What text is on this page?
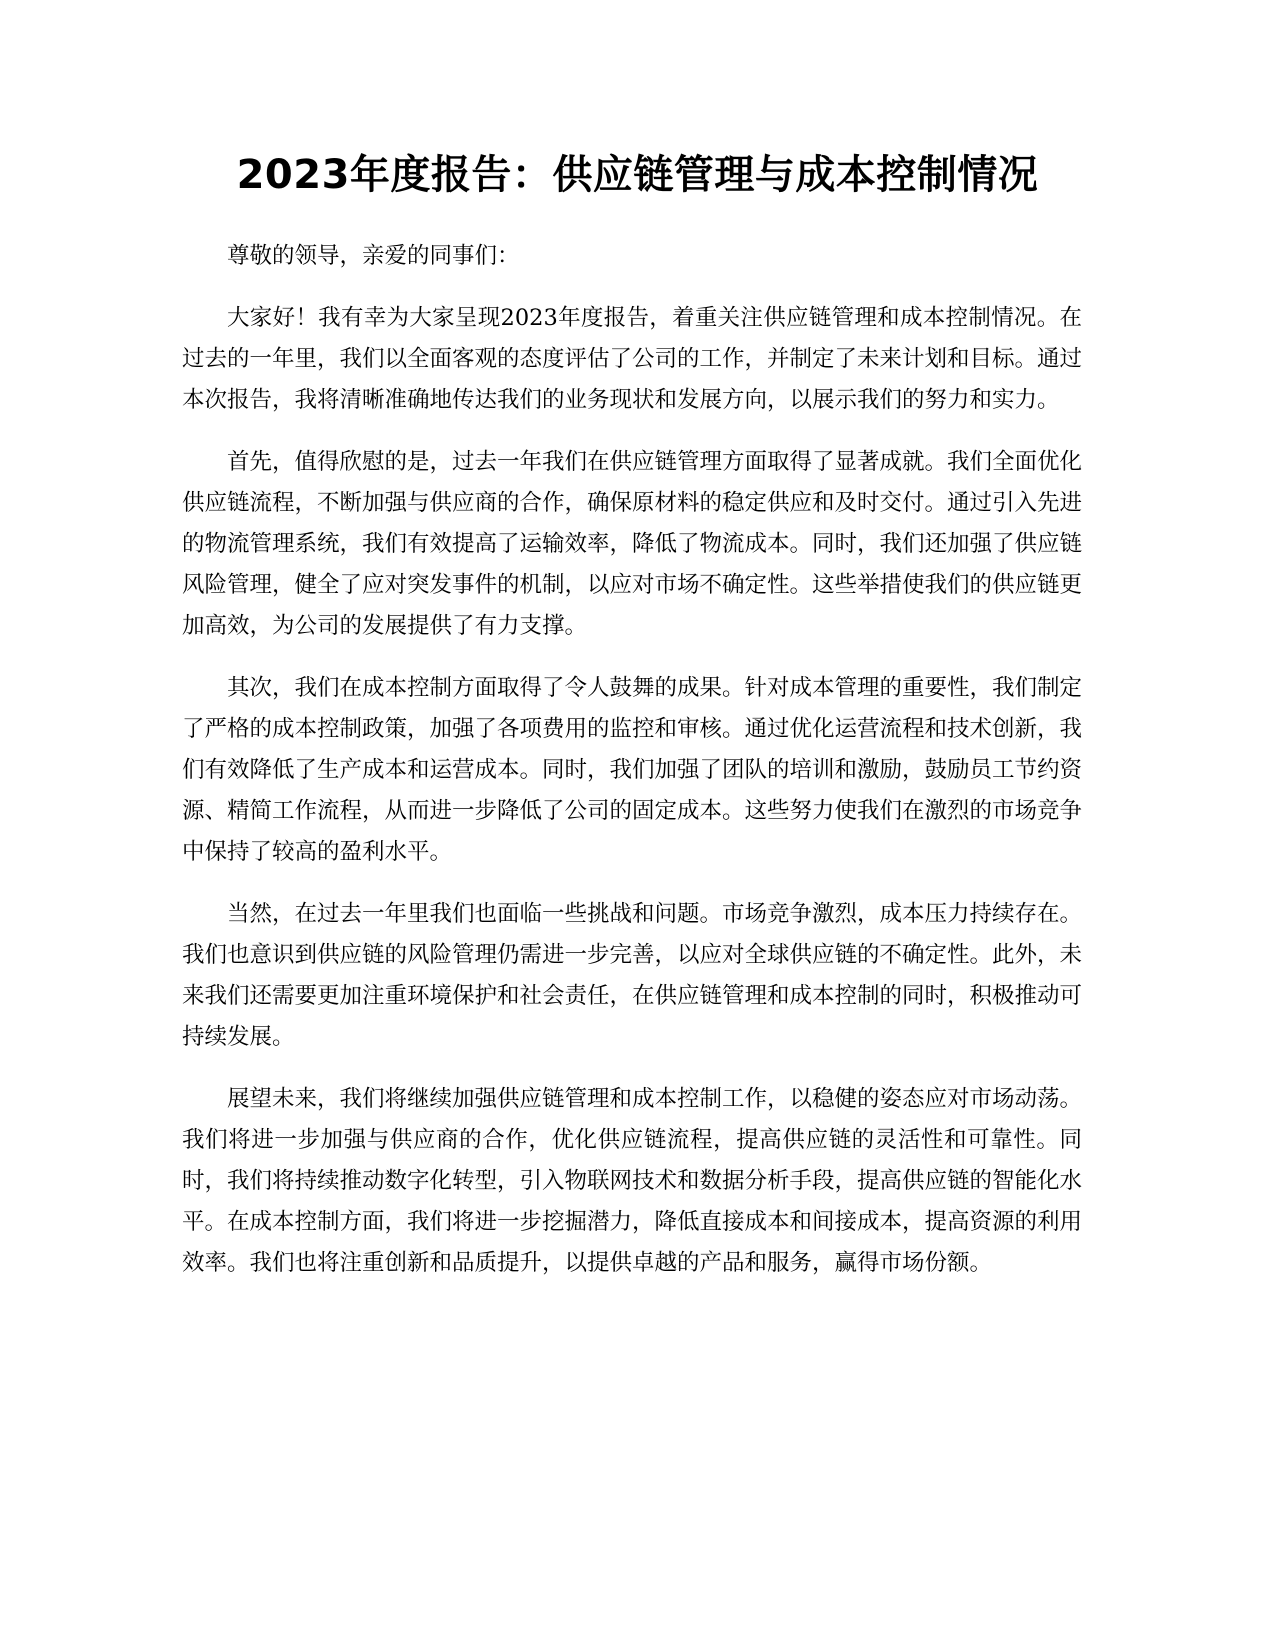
2023年度报告：供应链管理与成本控制情况

尊敬的领导，亲爱的同事们：

大家好！我有幸为大家呈现2023年度报告，着重关注供应链管理和成本控制情况。在过去的一年里，我们以全面客观的态度评估了公司的工作，并制定了未来计划和目标。通过本次报告，我将清晰准确地传达我们的业务现状和发展方向，以展示我们的努力和实力。

首先，值得欣慰的是，过去一年我们在供应链管理方面取得了显著成就。我们全面优化供应链流程，不断加强与供应商的合作，确保原材料的稳定供应和及时交付。通过引入先进的物流管理系统，我们有效提高了运输效率，降低了物流成本。同时，我们还加强了供应链风险管理，健全了应对突发事件的机制，以应对市场不确定性。这些举措使我们的供应链更加高效，为公司的发展提供了有力支撑。

其次，我们在成本控制方面取得了令人鼓舞的成果。针对成本管理的重要性，我们制定了严格的成本控制政策，加强了各项费用的监控和审核。通过优化运营流程和技术创新，我们有效降低了生产成本和运营成本。同时，我们加强了团队的培训和激励，鼓励员工节约资源、精简工作流程，从而进一步降低了公司的固定成本。这些努力使我们在激烈的市场竞争中保持了较高的盈利水平。

当然，在过去一年里我们也面临一些挑战和问题。市场竞争激烈，成本压力持续存在。我们也意识到供应链的风险管理仍需进一步完善，以应对全球供应链的不确定性。此外，未来我们还需要更加注重环境保护和社会责任，在供应链管理和成本控制的同时，积极推动可持续发展。

展望未来，我们将继续加强供应链管理和成本控制工作，以稳健的姿态应对市场动荡。我们将进一步加强与供应商的合作，优化供应链流程，提高供应链的灵活性和可靠性。同时，我们将持续推动数字化转型，引入物联网技术和数据分析手段，提高供应链的智能化水平。在成本控制方面，我们将进一步挖掘潜力，降低直接成本和间接成本，提高资源的利用效率。我们也将注重创新和品质提升，以提供卓越的产品和服务，赢得市场份额。
